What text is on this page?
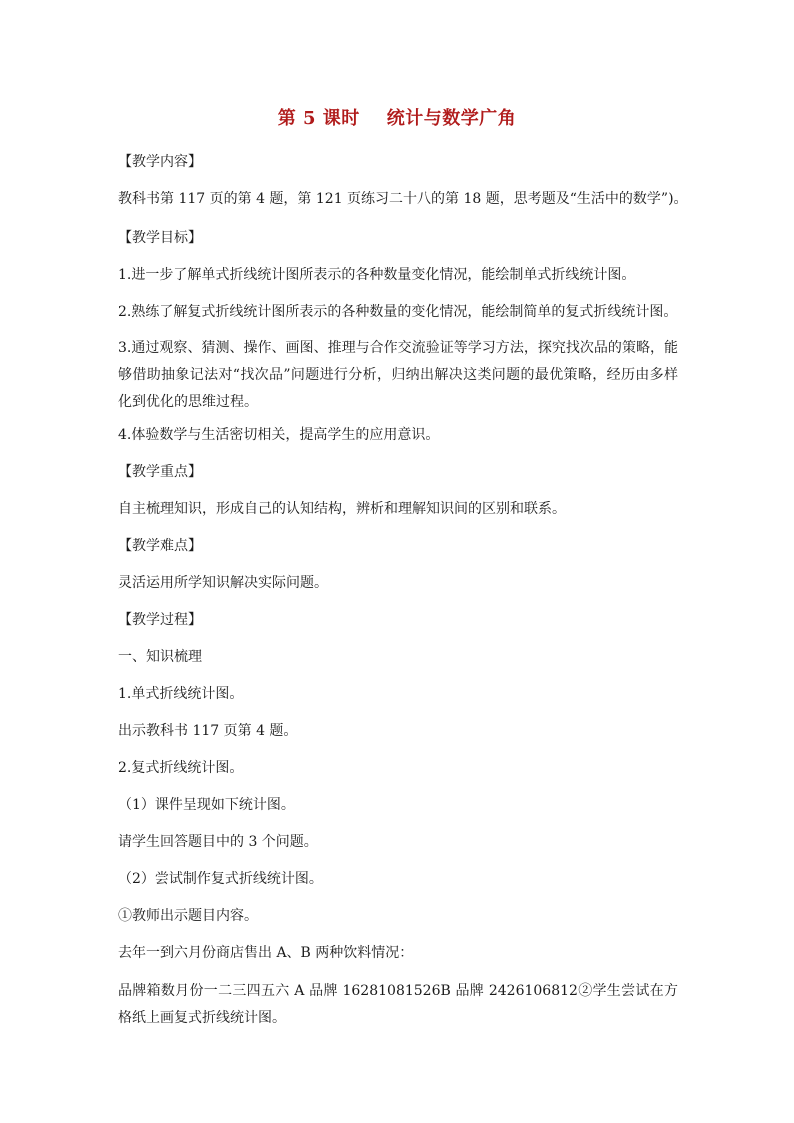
第 5 课时    统计与数学广角
【教学内容】
教科书第 117 页的第 4 题，第 121 页练习二十八的第 18 题，思考题及“生活中的数学”)。
【教学目标】
1.进一步了解单式折线统计图所表示的各种数量变化情况，能绘制单式折线统计图。
2.熟练了解复式折线统计图所表示的各种数量的变化情况，能绘制简单的复式折线统计图。
3.通过观察、猜测、操作、画图、推理与合作交流验证等学习方法，探究找次品的策略，能够借助抽象记法对“找次品”问题进行分析，归纳出解决这类问题的最优策略，经历由多样化到优化的思维过程。
4.体验数学与生活密切相关，提高学生的应用意识。
【教学重点】
自主梳理知识，形成自己的认知结构，辨析和理解知识间的区别和联系。
【教学难点】
灵活运用所学知识解决实际问题。
【教学过程】
一、知识梳理
1.单式折线统计图。
出示教科书 117 页第 4 题。
2.复式折线统计图。
（1）课件呈现如下统计图。
请学生回答题目中的 3 个问题。
（2）尝试制作复式折线统计图。
①教师出示题目内容。
去年一到六月份商店售出 A、B 两种饮料情况：
品牌箱数月份一二三四五六 A 品牌 16281081526B 品牌 2426106812②学生尝试在方格纸上画复式折线统计图。
